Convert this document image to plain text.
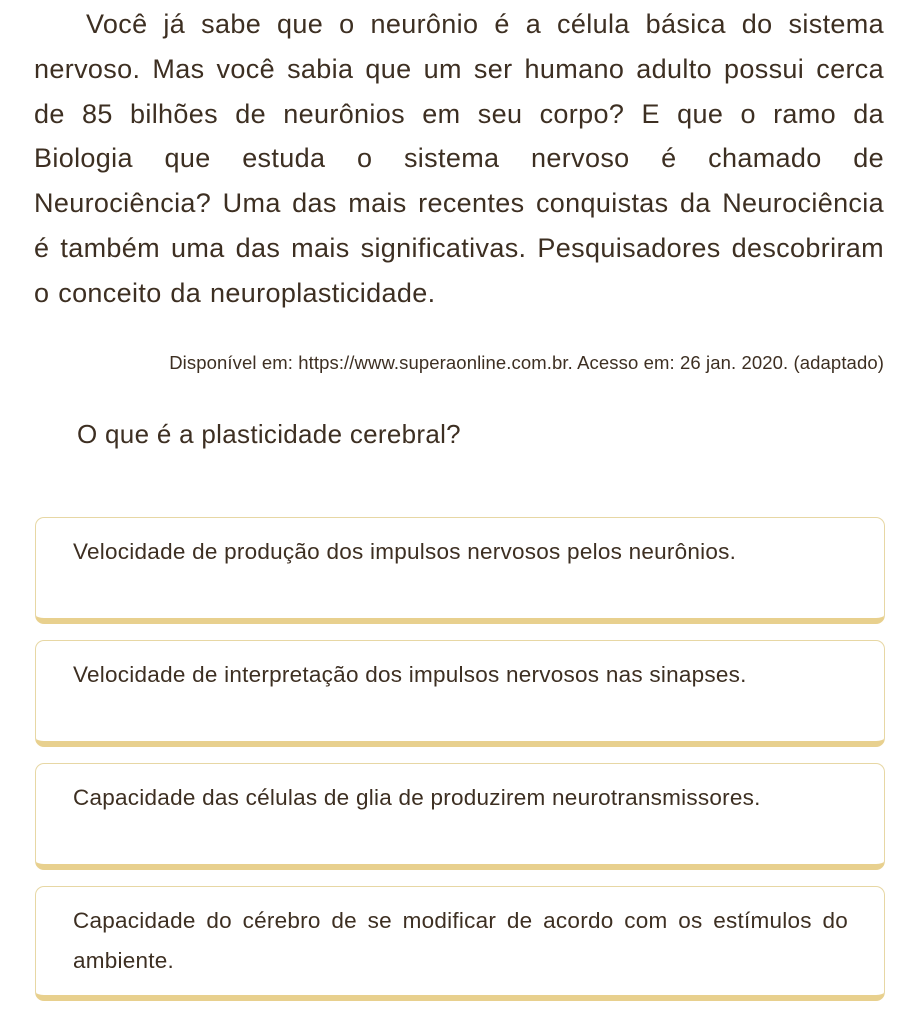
Você já sabe que o neurônio é a célula básica do sistema nervoso. Mas você sabia que um ser humano adulto possui cerca de 85 bilhões de neurônios em seu corpo? E que o ramo da Biologia que estuda o sistema nervoso é chamado de Neurociência? Uma das mais recentes conquistas da Neurociência é também uma das mais significativas. Pesquisadores descobriram o conceito da neuroplasticidade.

Disponível em: https://www.superaonline.com.br. Acesso em: 26 jan. 2020. (adaptado)

O que é a plasticidade cerebral?
Velocidade de produção dos impulsos nervosos pelos neurônios.
Velocidade de interpretação dos impulsos nervosos nas sinapses.
Capacidade das células de glia de produzirem neurotransmissores.
Capacidade do cérebro de se modificar de acordo com os estímulos do ambiente.
